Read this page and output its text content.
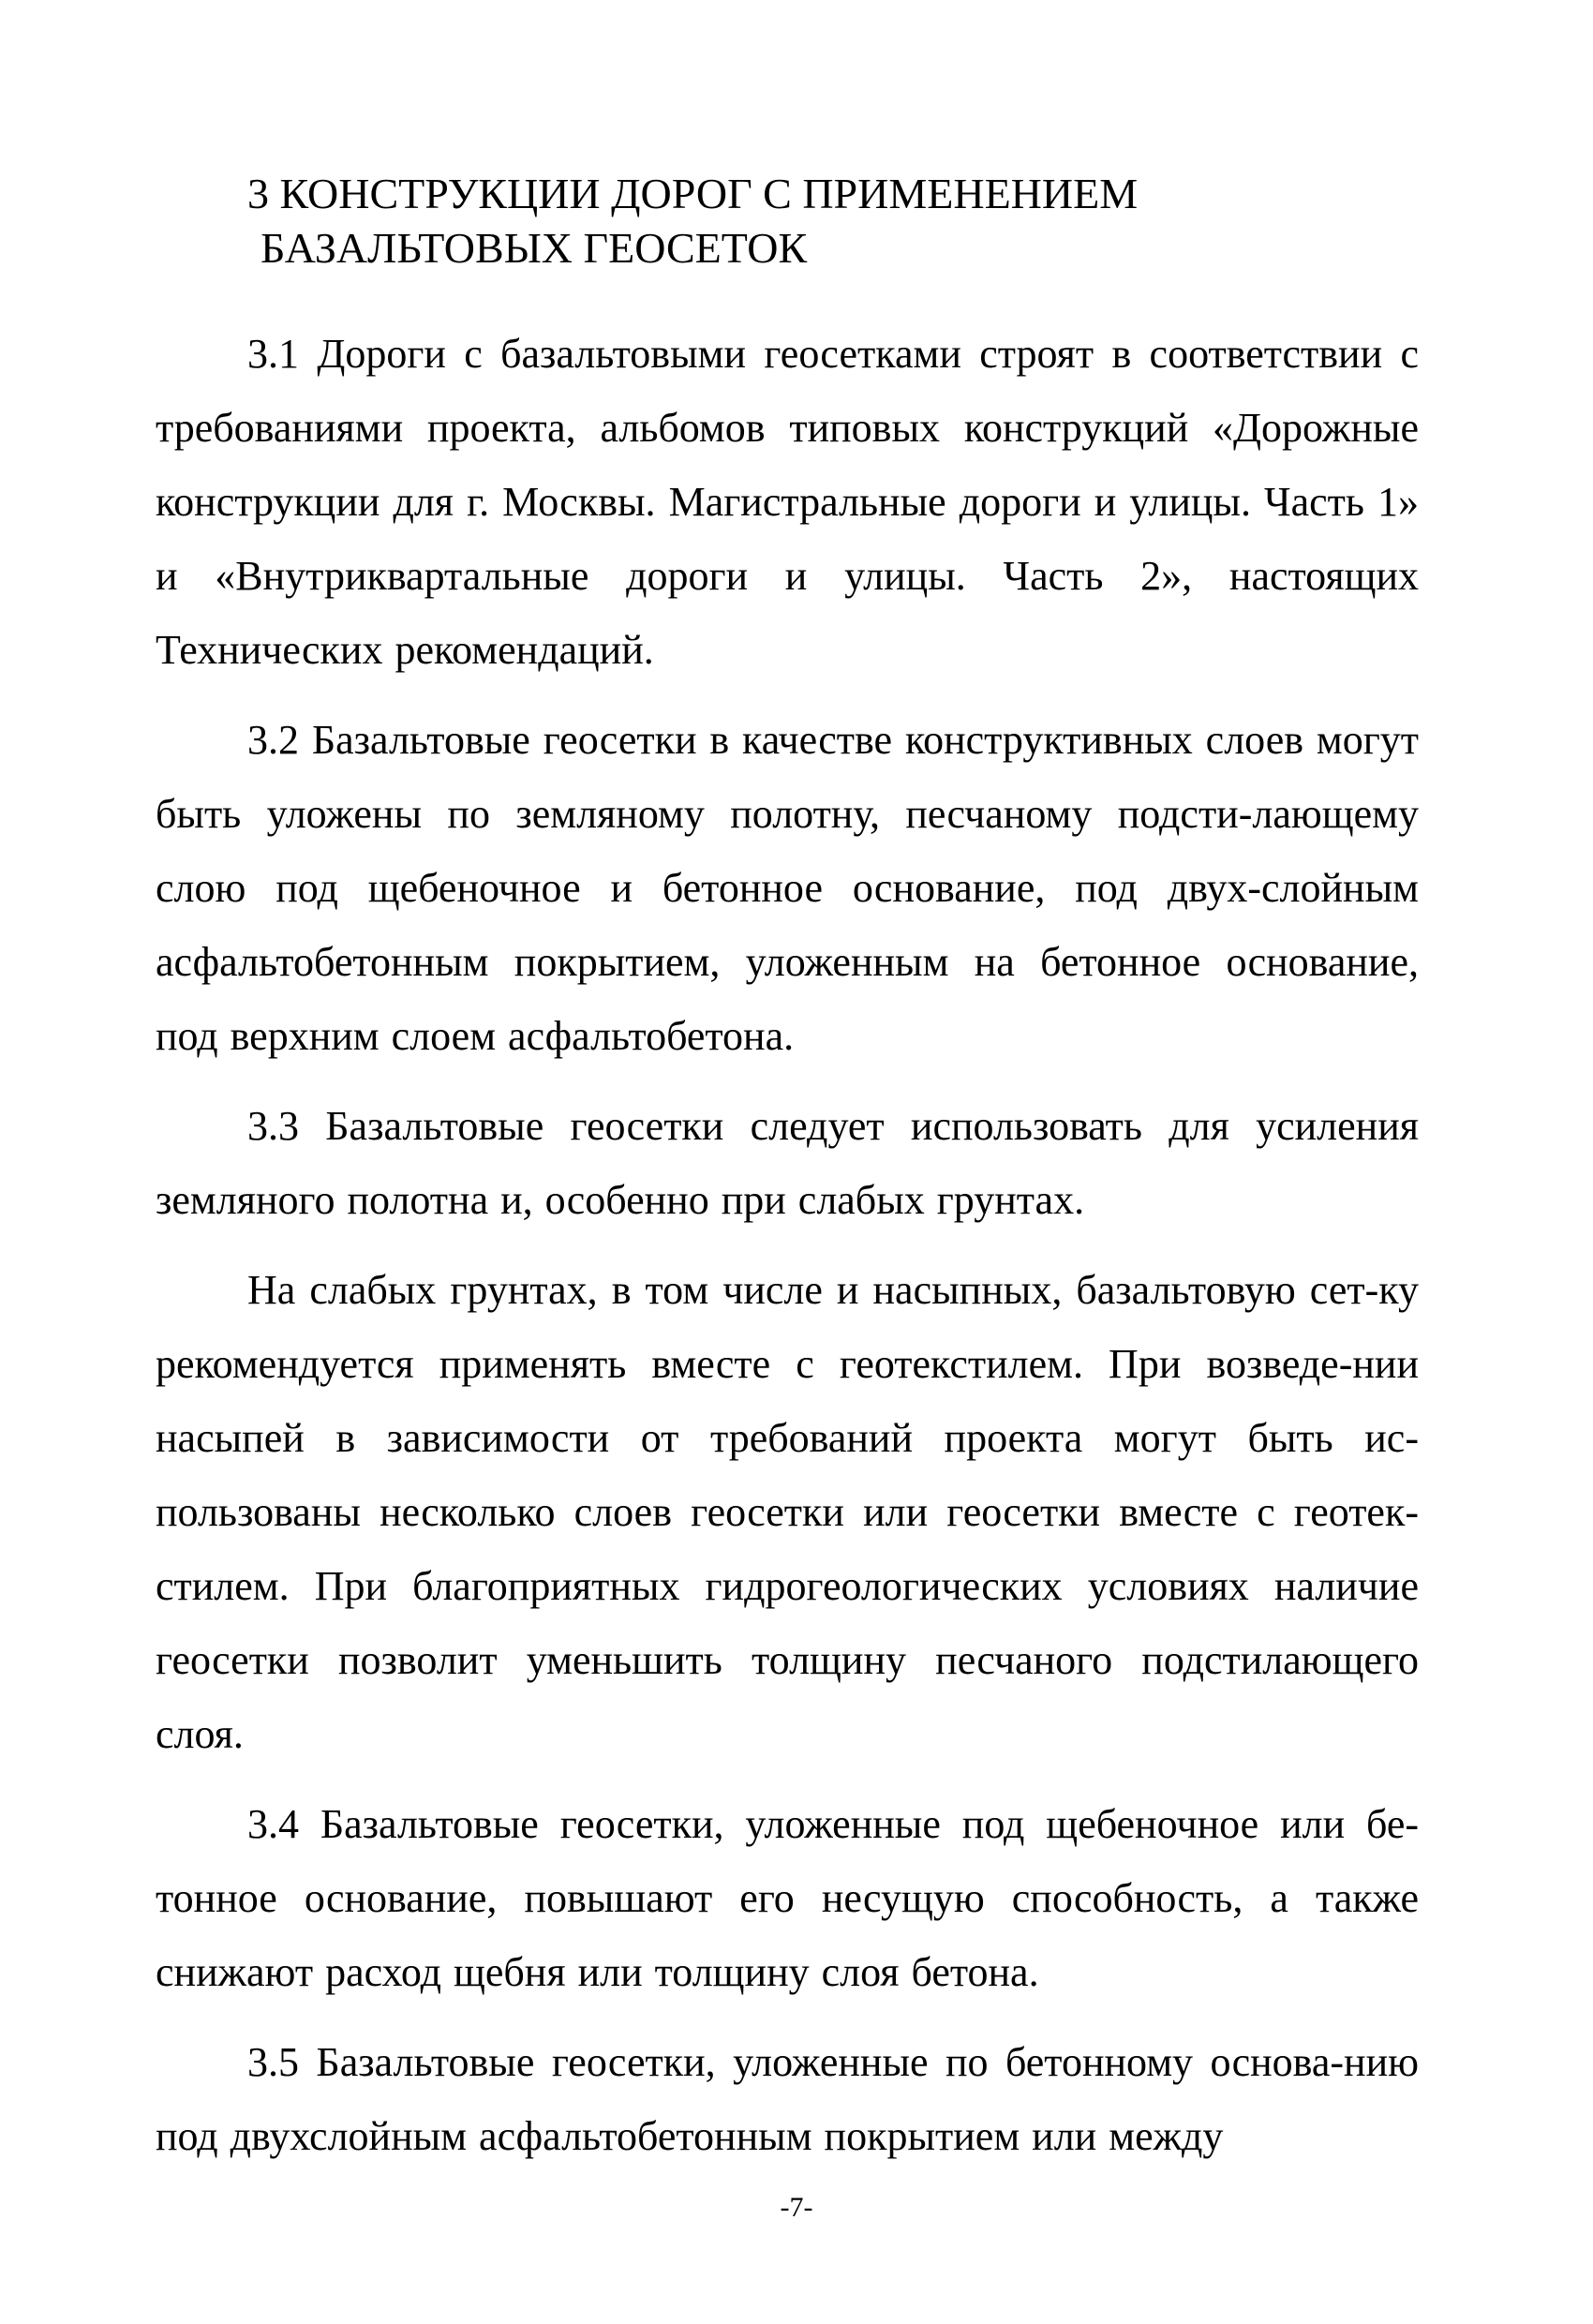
3 КОНСТРУКЦИИ ДОРОГ С ПРИМЕНЕНИЕМ
БАЗАЛЬТОВЫХ ГЕОСЕТОК

3.1 Дороги с базальтовыми геосетками строят в соответствии с требованиями проекта, альбомов типовых конструкций «Дорожные конструкции для г. Москвы. Магистральные дороги и улицы. Часть 1» и «Внутриквартальные дороги и улицы. Часть 2», настоящих Технических рекомендаций.

3.2 Базальтовые геосетки в качестве конструктивных слоев могут быть уложены по земляному полотну, песчаному подсти-лающему слою под щебеночное и бетонное основание, под двух-слойным асфальтобетонным покрытием, уложенным на бетонное основание, под верхним слоем асфальтобетона.

3.3 Базальтовые геосетки следует использовать для усиления земляного полотна и, особенно при слабых грунтах.

На слабых грунтах, в том числе и насыпных, базальтовую сет-ку рекомендуется применять вместе с геотекстилем. При возведе-нии насыпей в зависимости от требований проекта могут быть ис-пользованы несколько слоев геосетки или геосетки вместе с геотек-стилем. При благоприятных гидрогеологических условиях наличие геосетки позволит уменьшить толщину песчаного подстилающего слоя.

3.4 Базальтовые геосетки, уложенные под щебеночное или бе-тонное основание, повышают его несущую способность, а также снижают расход щебня или толщину слоя бетона.

3.5 Базальтовые геосетки, уложенные по бетонному основа-нию под двухслойным асфальтобетонным покрытием или между

-7-
